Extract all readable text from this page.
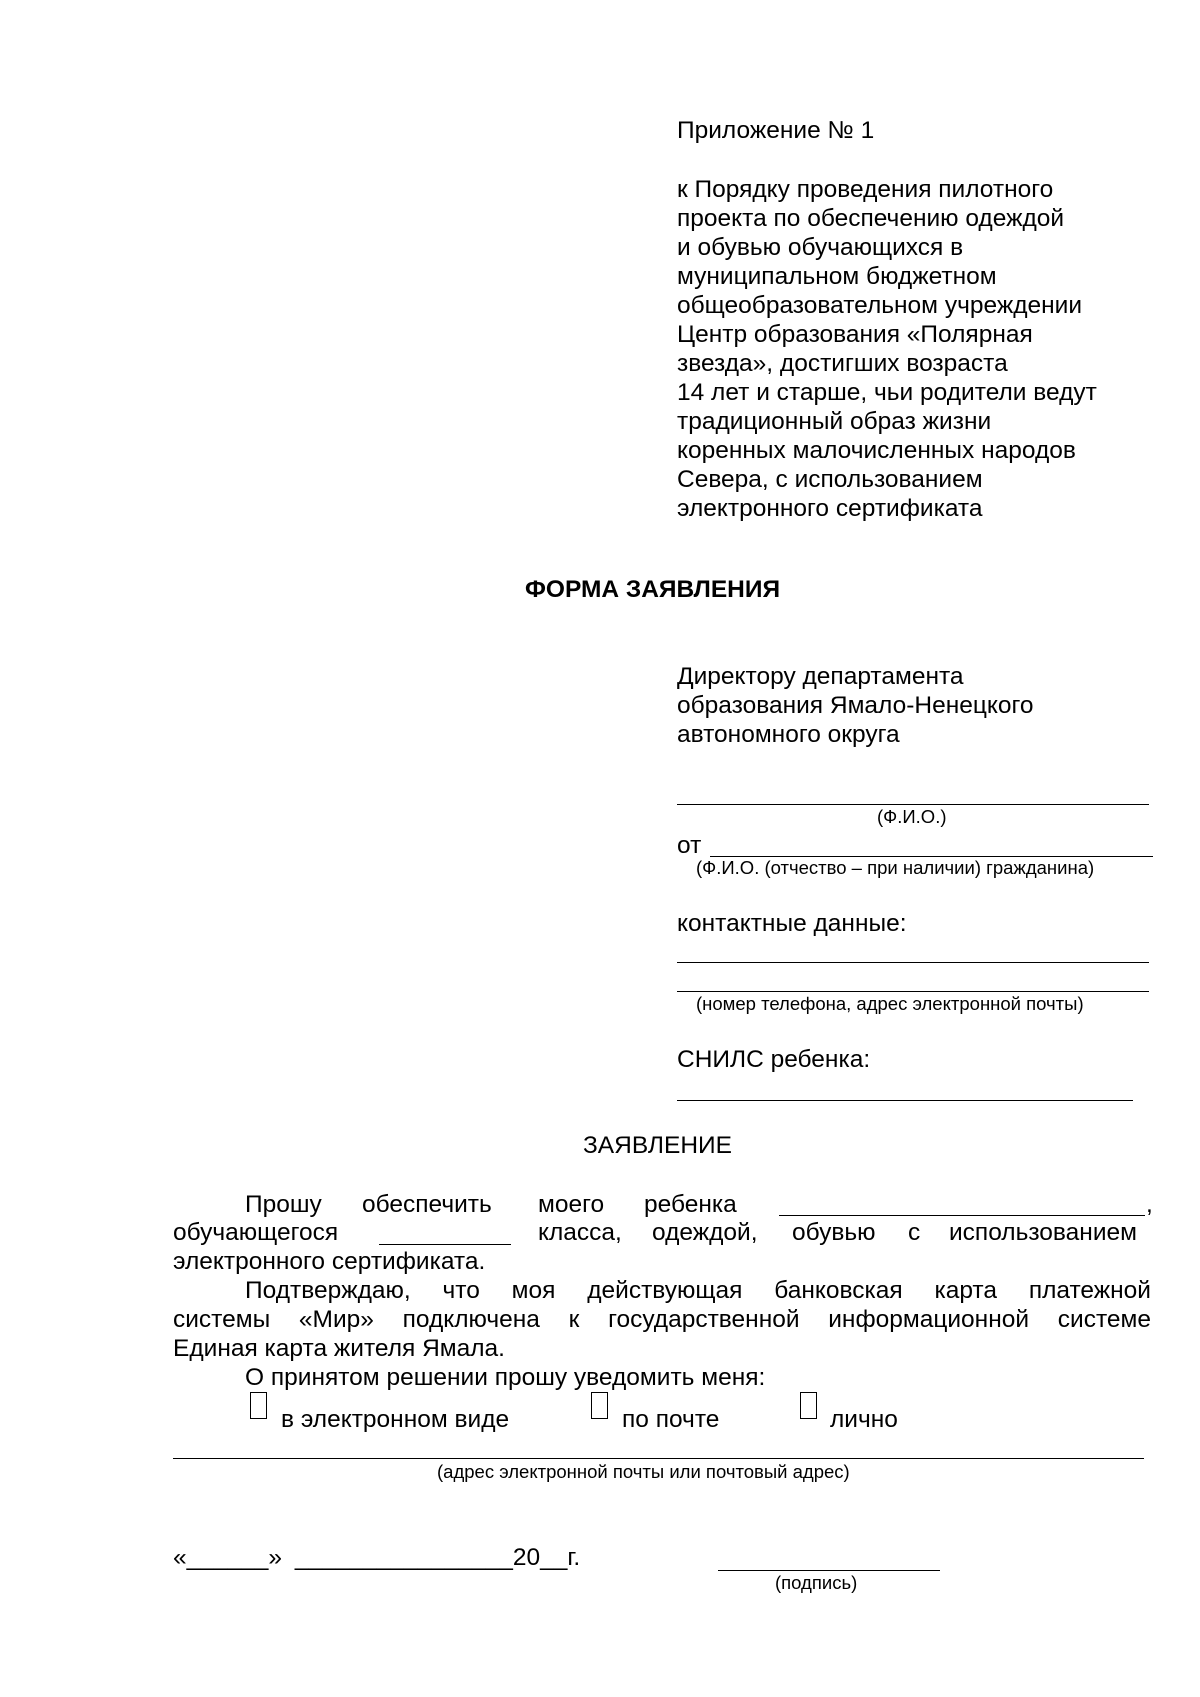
Приложение № 1
к Порядку проведения пилотного
проекта по обеспечению одеждой
и обувью обучающихся в
муниципальном бюджетном
общеобразовательном учреждении
Центр образования «Полярная
звезда», достигших возраста
14 лет и старше, чьи родители ведут
традиционный образ жизни
коренных малочисленных народов
Севера, с использованием
электронного сертификата
ФОРМА ЗАЯВЛЕНИЯ
Директору департамента
образования Ямало-Ненецкого
автономного округа
(Ф.И.О.)
от
(Ф.И.О. (отчество – при наличии) гражданина)
контактные данные:
(номер телефона, адрес электронной почты)
СНИЛС ребенка:
ЗАЯВЛЕНИЕ
Прошу обеспечить моего ребенка	,
обучающегося	класса, одеждой, обувью с использованием
электронного сертификата.
Подтверждаю, что моя действующая банковская карта платежной
системы «Мир» подключена к государственной информационной системе
Единая карта жителя Ямала.
О принятом решении прошу уведомить меня:
в электронном виде	по почте	лично
(адрес электронной почты или почтовый адрес)
«______» ________________20__г.
(подпись)
